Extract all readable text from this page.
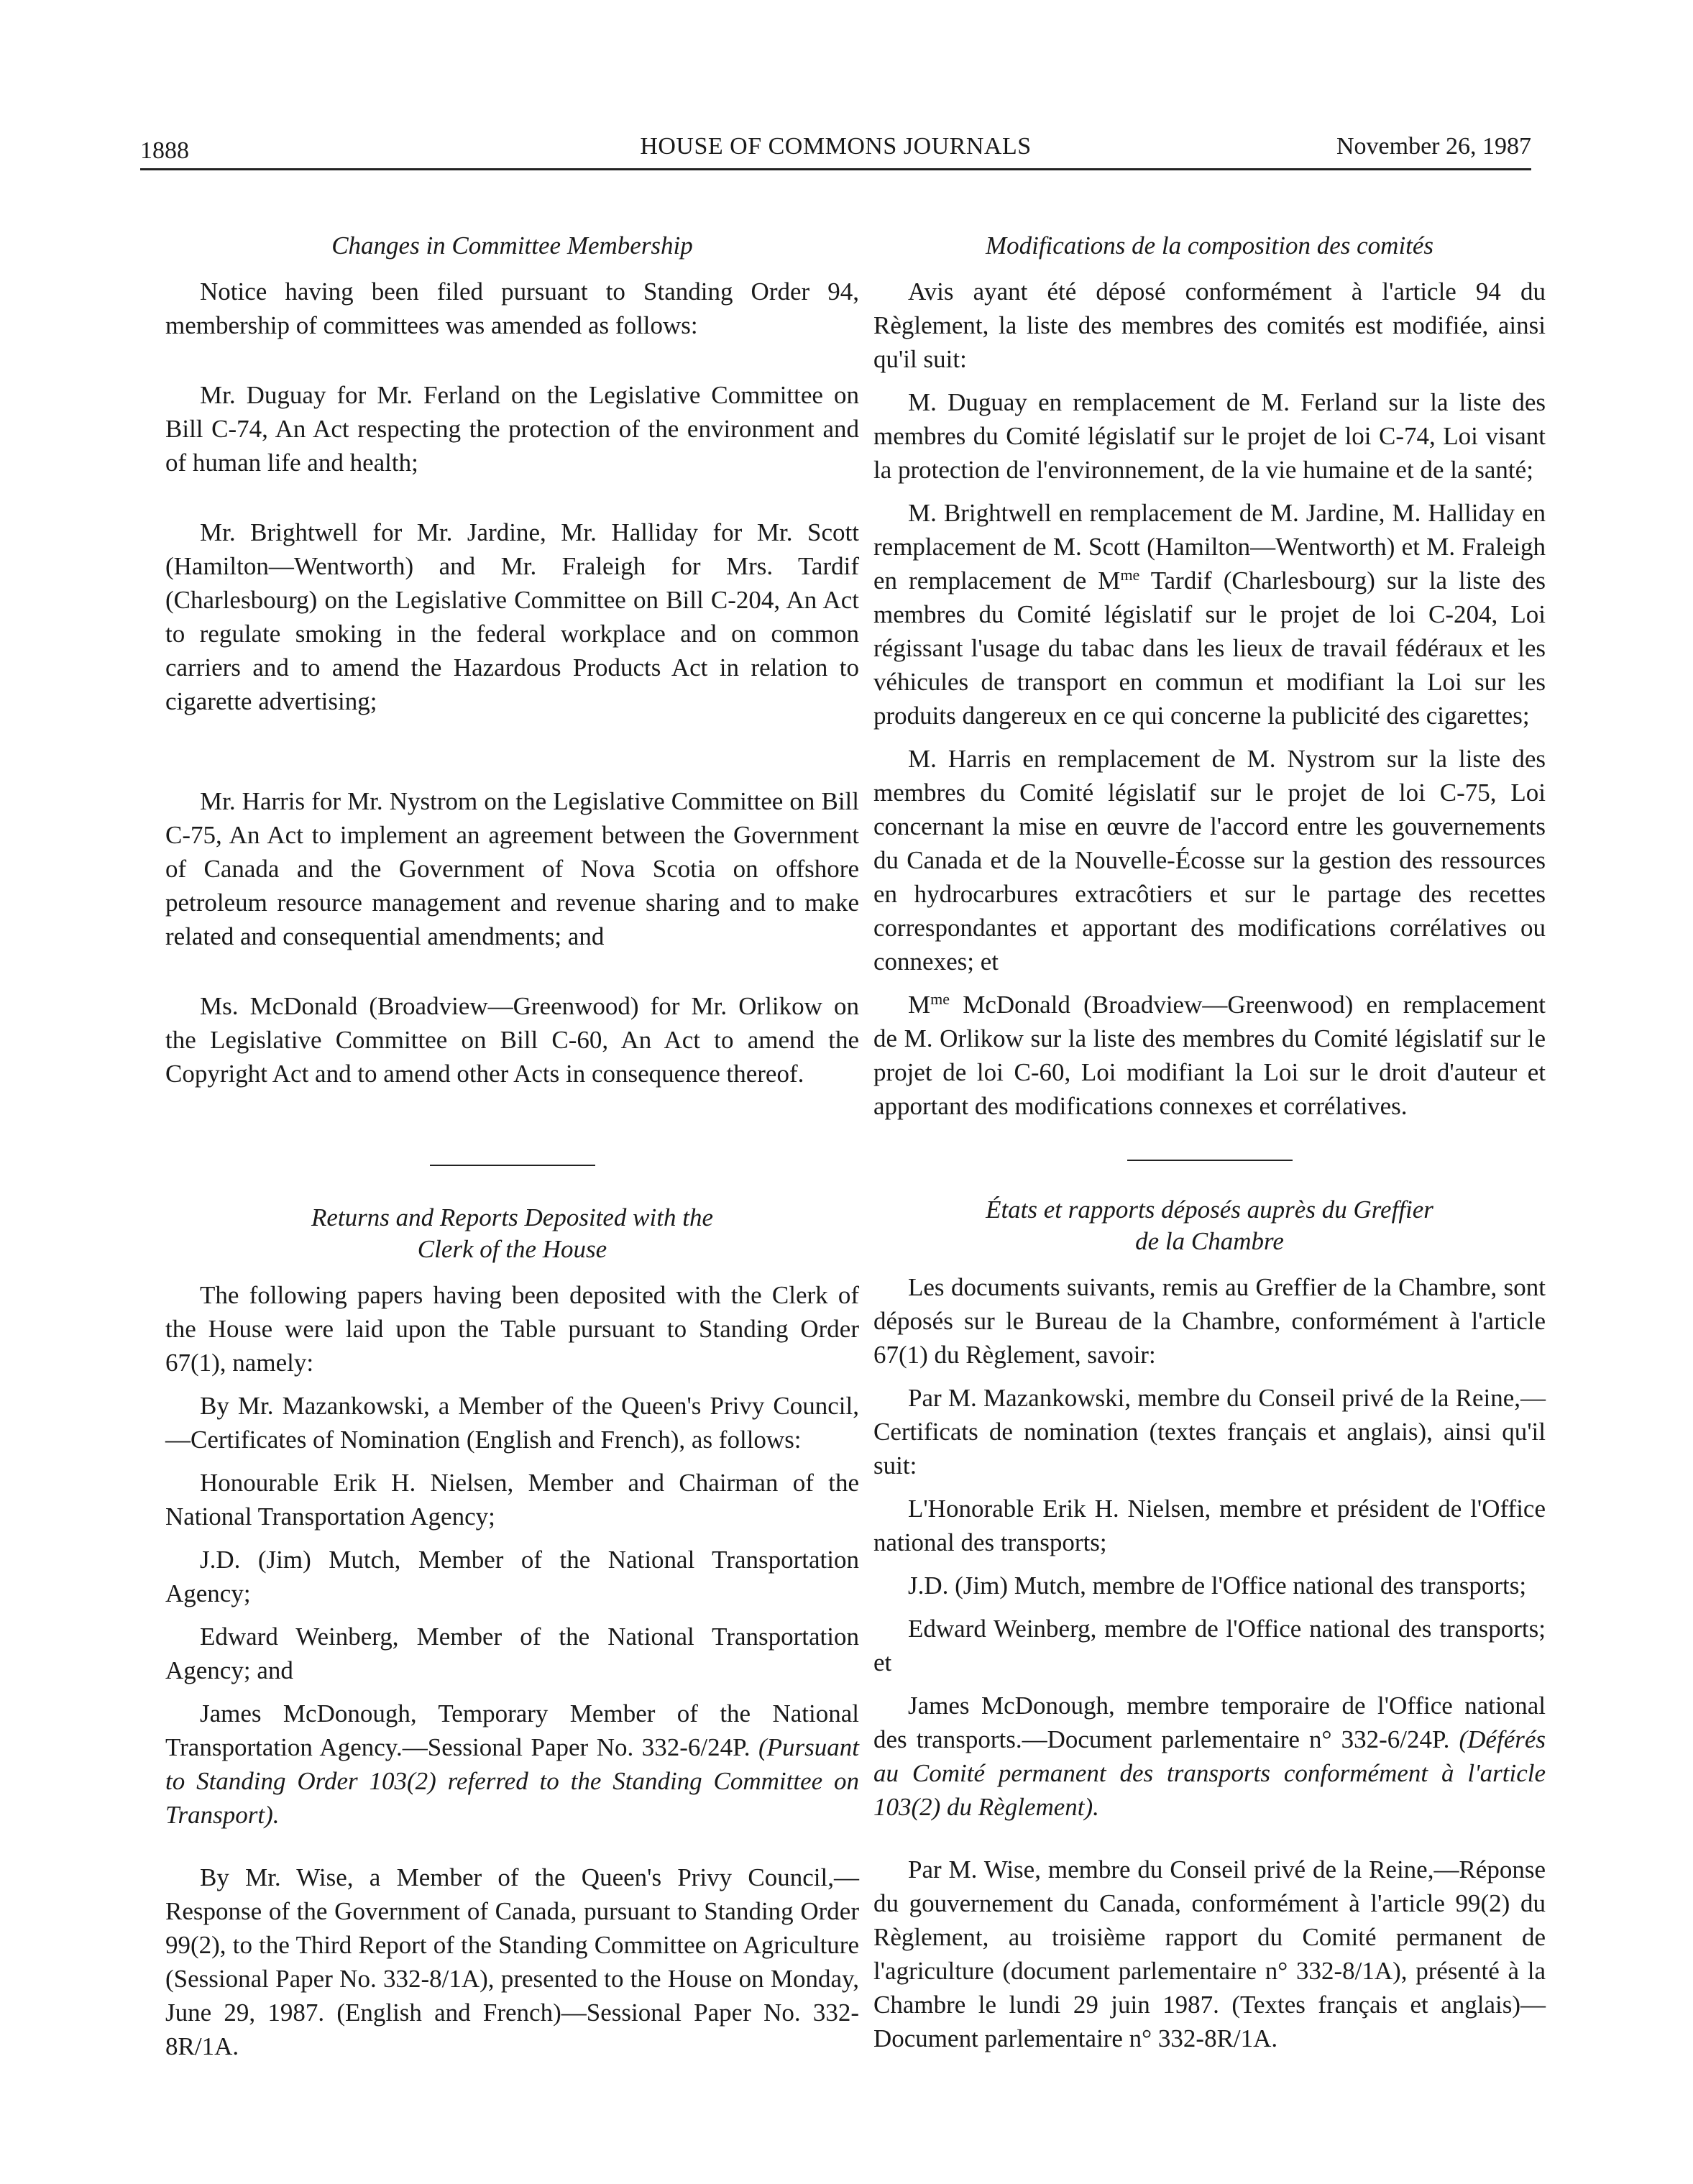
1888	HOUSE OF COMMONS JOURNALS	November 26, 1987
Changes in Committee Membership

Notice having been filed pursuant to Standing Order 94, membership of committees was amended as follows:

Mr. Duguay for Mr. Ferland on the Legislative Committee on Bill C-74, An Act respecting the protection of the environment and of human life and health;

Mr. Brightwell for Mr. Jardine, Mr. Halliday for Mr. Scott (Hamilton—Wentworth) and Mr. Fraleigh for Mrs. Tardif (Charlesbourg) on the Legislative Committee on Bill C-204, An Act to regulate smoking in the federal workplace and on common carriers and to amend the Hazardous Products Act in relation to cigarette advertising;

Mr. Harris for Mr. Nystrom on the Legislative Committee on Bill C-75, An Act to implement an agreement between the Government of Canada and the Government of Nova Scotia on offshore petroleum resource management and revenue sharing and to make related and consequential amendments; and

Ms. McDonald (Broadview—Greenwood) for Mr. Orlikow on the Legislative Committee on Bill C-60, An Act to amend the Copyright Act and to amend other Acts in consequence thereof.

Returns and Reports Deposited with the
Clerk of the House

The following papers having been deposited with the Clerk of the House were laid upon the Table pursuant to Standing Order 67(1), namely:

By Mr. Mazankowski, a Member of the Queen's Privy Council,—Certificates of Nomination (English and French), as follows:

Honourable Erik H. Nielsen, Member and Chairman of the National Transportation Agency;

J.D. (Jim) Mutch, Member of the National Transportation Agency;

Edward Weinberg, Member of the National Transportation Agency; and

James McDonough, Temporary Member of the National Transportation Agency.—Sessional Paper No. 332-6/24P. (Pursuant to Standing Order 103(2) referred to the Standing Committee on Transport).

By Mr. Wise, a Member of the Queen's Privy Council,—Response of the Government of Canada, pursuant to Standing Order 99(2), to the Third Report of the Standing Committee on Agriculture (Sessional Paper No. 332-8/1A), presented to the House on Monday, June 29, 1987. (English and French)—Sessional Paper No. 332-8R/1A.

Modifications de la composition des comités

Avis ayant été déposé conformément à l'article 94 du Règlement, la liste des membres des comités est modifiée, ainsi qu'il suit:

M. Duguay en remplacement de M. Ferland sur la liste des membres du Comité législatif sur le projet de loi C-74, Loi visant la protection de l'environnement, de la vie humaine et de la santé;

M. Brightwell en remplacement de M. Jardine, M. Halliday en remplacement de M. Scott (Hamilton—Wentworth) et M. Fraleigh en remplacement de $M^{me}$ Tardif (Charlesbourg) sur la liste des membres du Comité législatif sur le projet de loi C-204, Loi régissant l'usage du tabac dans les lieux de travail fédéraux et les véhicules de transport en commun et modifiant la Loi sur les produits dangereux en ce qui concerne la publicité des cigarettes;

M. Harris en remplacement de M. Nystrom sur la liste des membres du Comité législatif sur le projet de loi C-75, Loi concernant la mise en œuvre de l'accord entre les gouvernements du Canada et de la Nouvelle-Écosse sur la gestion des ressources en hydrocarbures extracôtiers et sur le partage des recettes correspondantes et apportant des modifications corrélatives ou connexes; et

$M^{me}$ McDonald (Broadview—Greenwood) en remplacement de M. Orlikow sur la liste des membres du Comité législatif sur le projet de loi C-60, Loi modifiant la Loi sur le droit d'auteur et apportant des modifications connexes et corrélatives.

États et rapports déposés auprès du Greffier
de la Chambre

Les documents suivants, remis au Greffier de la Chambre, sont déposés sur le Bureau de la Chambre, conformément à l'article 67(1) du Règlement, savoir:

Par M. Mazankowski, membre du Conseil privé de la Reine,—Certificats de nomination (textes français et anglais), ainsi qu'il suit:

L'Honorable Erik H. Nielsen, membre et président de l'Office national des transports;

J.D. (Jim) Mutch, membre de l'Office national des transports;

Edward Weinberg, membre de l'Office national des transports; et

James McDonough, membre temporaire de l'Office national des transports.—Document parlementaire n° 332-6/24P. (Déférés au Comité permanent des transports conformément à l'article 103(2) du Règlement).

Par M. Wise, membre du Conseil privé de la Reine,—Réponse du gouvernement du Canada, conformément à l'article 99(2) du Règlement, au troisième rapport du Comité permanent de l'agriculture (document parlementaire n° 332-8/1A), présenté à la Chambre le lundi 29 juin 1987. (Textes français et anglais)—Document parlementaire n° 332-8R/1A.
